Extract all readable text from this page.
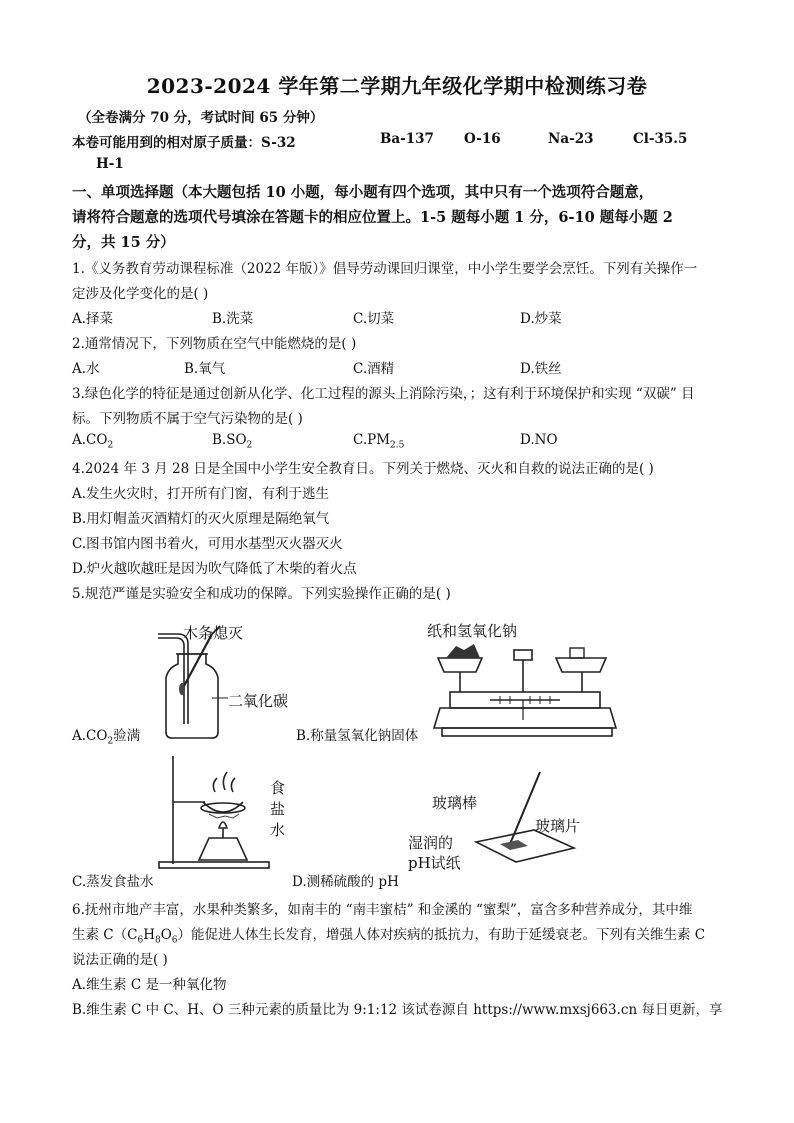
2023-2024 学年第二学期九年级化学期中检测练习卷
（全卷满分 70 分，考试时间 65 分钟）
本卷可能用到的相对原子质量：S-32	Ba-137 O-16	Na-23	Cl-35.5
H-1
一、单项选择题（本大题包括 10 小题，每小题有四个选项，其中只有一个选项符合题意，
请将符合题意的选项代号填涂在答题卡的相应位置上。1-5 题每小题 1 分，6-10 题每小题 2
分，共 15 分）
1.《义务教育劳动课程标准（2022 年版）》倡导劳动课回归课堂，中小学生要学会烹饪。下列有关操作一
定涉及化学变化的是( )
A.择菜	B.洗菜	C.切菜	D.炒菜
2.通常情况下，下列物质在空气中能燃烧的是( )
A.水	B.氧气	C.酒精	D.铁丝
3.绿色化学的特征是通过创新从化学、化工过程的源头上消除污染，；这有利于环境保护和实现 “双碳” 目
标。下列物质不属于空气污染物的是( )
$A.CO_2$	$B.SO_2$	$C.PM_{2.5}$	D.NO
4.2024 年 3 月 28 日是全国中小学生安全教育日。下列关于燃烧、灭火和自救的说法正确的是( )
A.发生火灾时，打开所有门窗，有利于逃生
B.用灯帽盖灭酒精灯的灭火原理是隔绝氧气
C.图书馆内图书着火，可用水基型灭火器灭火
D.炉火越吹越旺是因为吹气降低了木柴的着火点
5.规范严谨是实验安全和成功的保障。下列实验操作正确的是( )
木条熄灭
二氧化碳
$A.CO_2$验满
纸和氢氧化钠
B.称量氢氧化钠固体
食盐水
C.蒸发食盐水
玻璃棒
玻璃片
湿润的
pH试纸
D.测稀硫酸的 pH
6.抚州市地产丰富，水果种类繁多，如南丰的 “南丰蜜桔” 和金溪的 “蜜梨”，富含多种营养成分，其中维
生素 $C(C_6H_8O_6)$能促进人体生长发育，增强人体对疾病的抵抗力，有助于延缓衰老。下列有关维生素 C
说法正确的是( )
A.维生素 C 是一种氧化物
B.维生素 C 中 C、H、O 三种元素的质量比为 9:1:12 该试卷源自 https://www.mxsj663.cn 每日更新，享
